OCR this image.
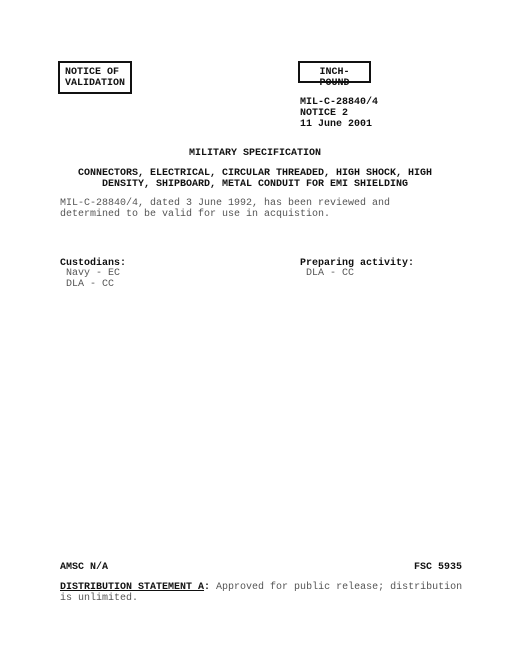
NOTICE OF
VALIDATION
INCH-POUND
MIL-C-28840/4
NOTICE 2
11 June 2001
MILITARY SPECIFICATION
CONNECTORS, ELECTRICAL, CIRCULAR THREADED, HIGH SHOCK, HIGH
DENSITY, SHIPBOARD, METAL CONDUIT FOR EMI SHIELDING
MIL-C-28840/4, dated 3 June 1992, has been reviewed and
determined to be valid for use in acquistion.
Custodians:
Navy - EC
DLA - CC
Preparing activity:
DLA - CC
AMSC N/A	FSC 5935
DISTRIBUTION STATEMENT A: Approved for public release; distribution
is unlimited.
